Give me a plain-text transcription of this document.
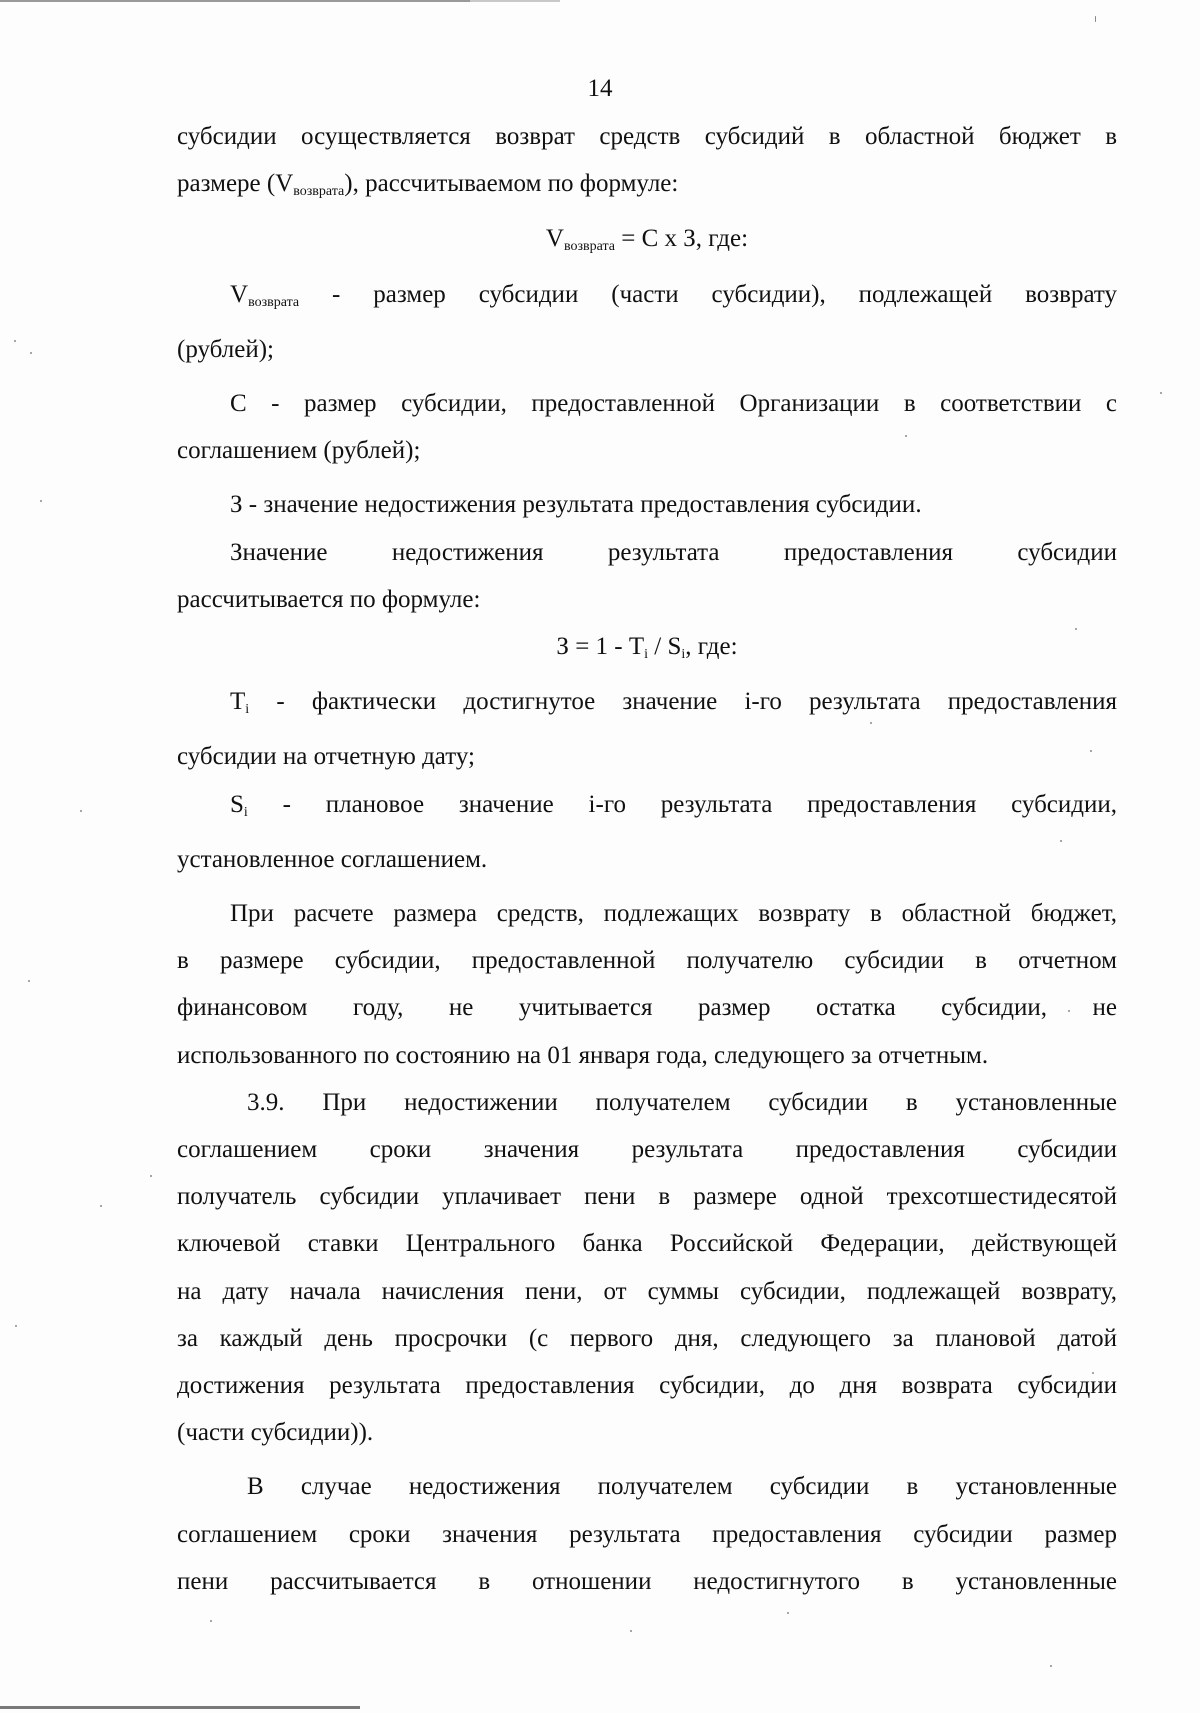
14

субсидии осуществляется возврат средств субсидий в областной бюджет в

размере $(V_{возврата})$, рассчитываемом по формуле:

$V_{возврата} = С$ х З, где:

$V_{возврата}$ - размер субсидии (части субсидии), подлежащей возврату

(рублей);

С - размер субсидии, предоставленной Организации в соответствии с

соглашением (рублей);

З - значение недостижения результата предоставления субсидии.

Значение недостижения результата предоставления субсидии

рассчитывается по формуле:

$З = 1 - T_i / S_i$, где:

$T_i$ - фактически достигнутое значение i-го результата предоставления

субсидии на отчетную дату;

$S_i$ - плановое значение i-го результата предоставления субсидии,

установленное соглашением.

При расчете размера средств, подлежащих возврату в областной бюджет,

в размере субсидии, предоставленной получателю субсидии в отчетном

финансовом году, не учитывается размер остатка субсидии, не

использованного по состоянию на 01 января года, следующего за отчетным.

3.9. При недостижении получателем субсидии в установленные

соглашением сроки значения результата предоставления субсидии

получатель субсидии уплачивает пени в размере одной трехсотшестидесятой

ключевой ставки Центрального банка Российской Федерации, действующей

на дату начала начисления пени, от суммы субсидии, подлежащей возврату,

за каждый день просрочки (с первого дня, следующего за плановой датой

достижения результата предоставления субсидии, до дня возврата субсидии

(части субсидии)).

В случае недостижения получателем субсидии в установленные

соглашением сроки значения результата предоставления субсидии размер

пени рассчитывается в отношении недостигнутого в установленные
